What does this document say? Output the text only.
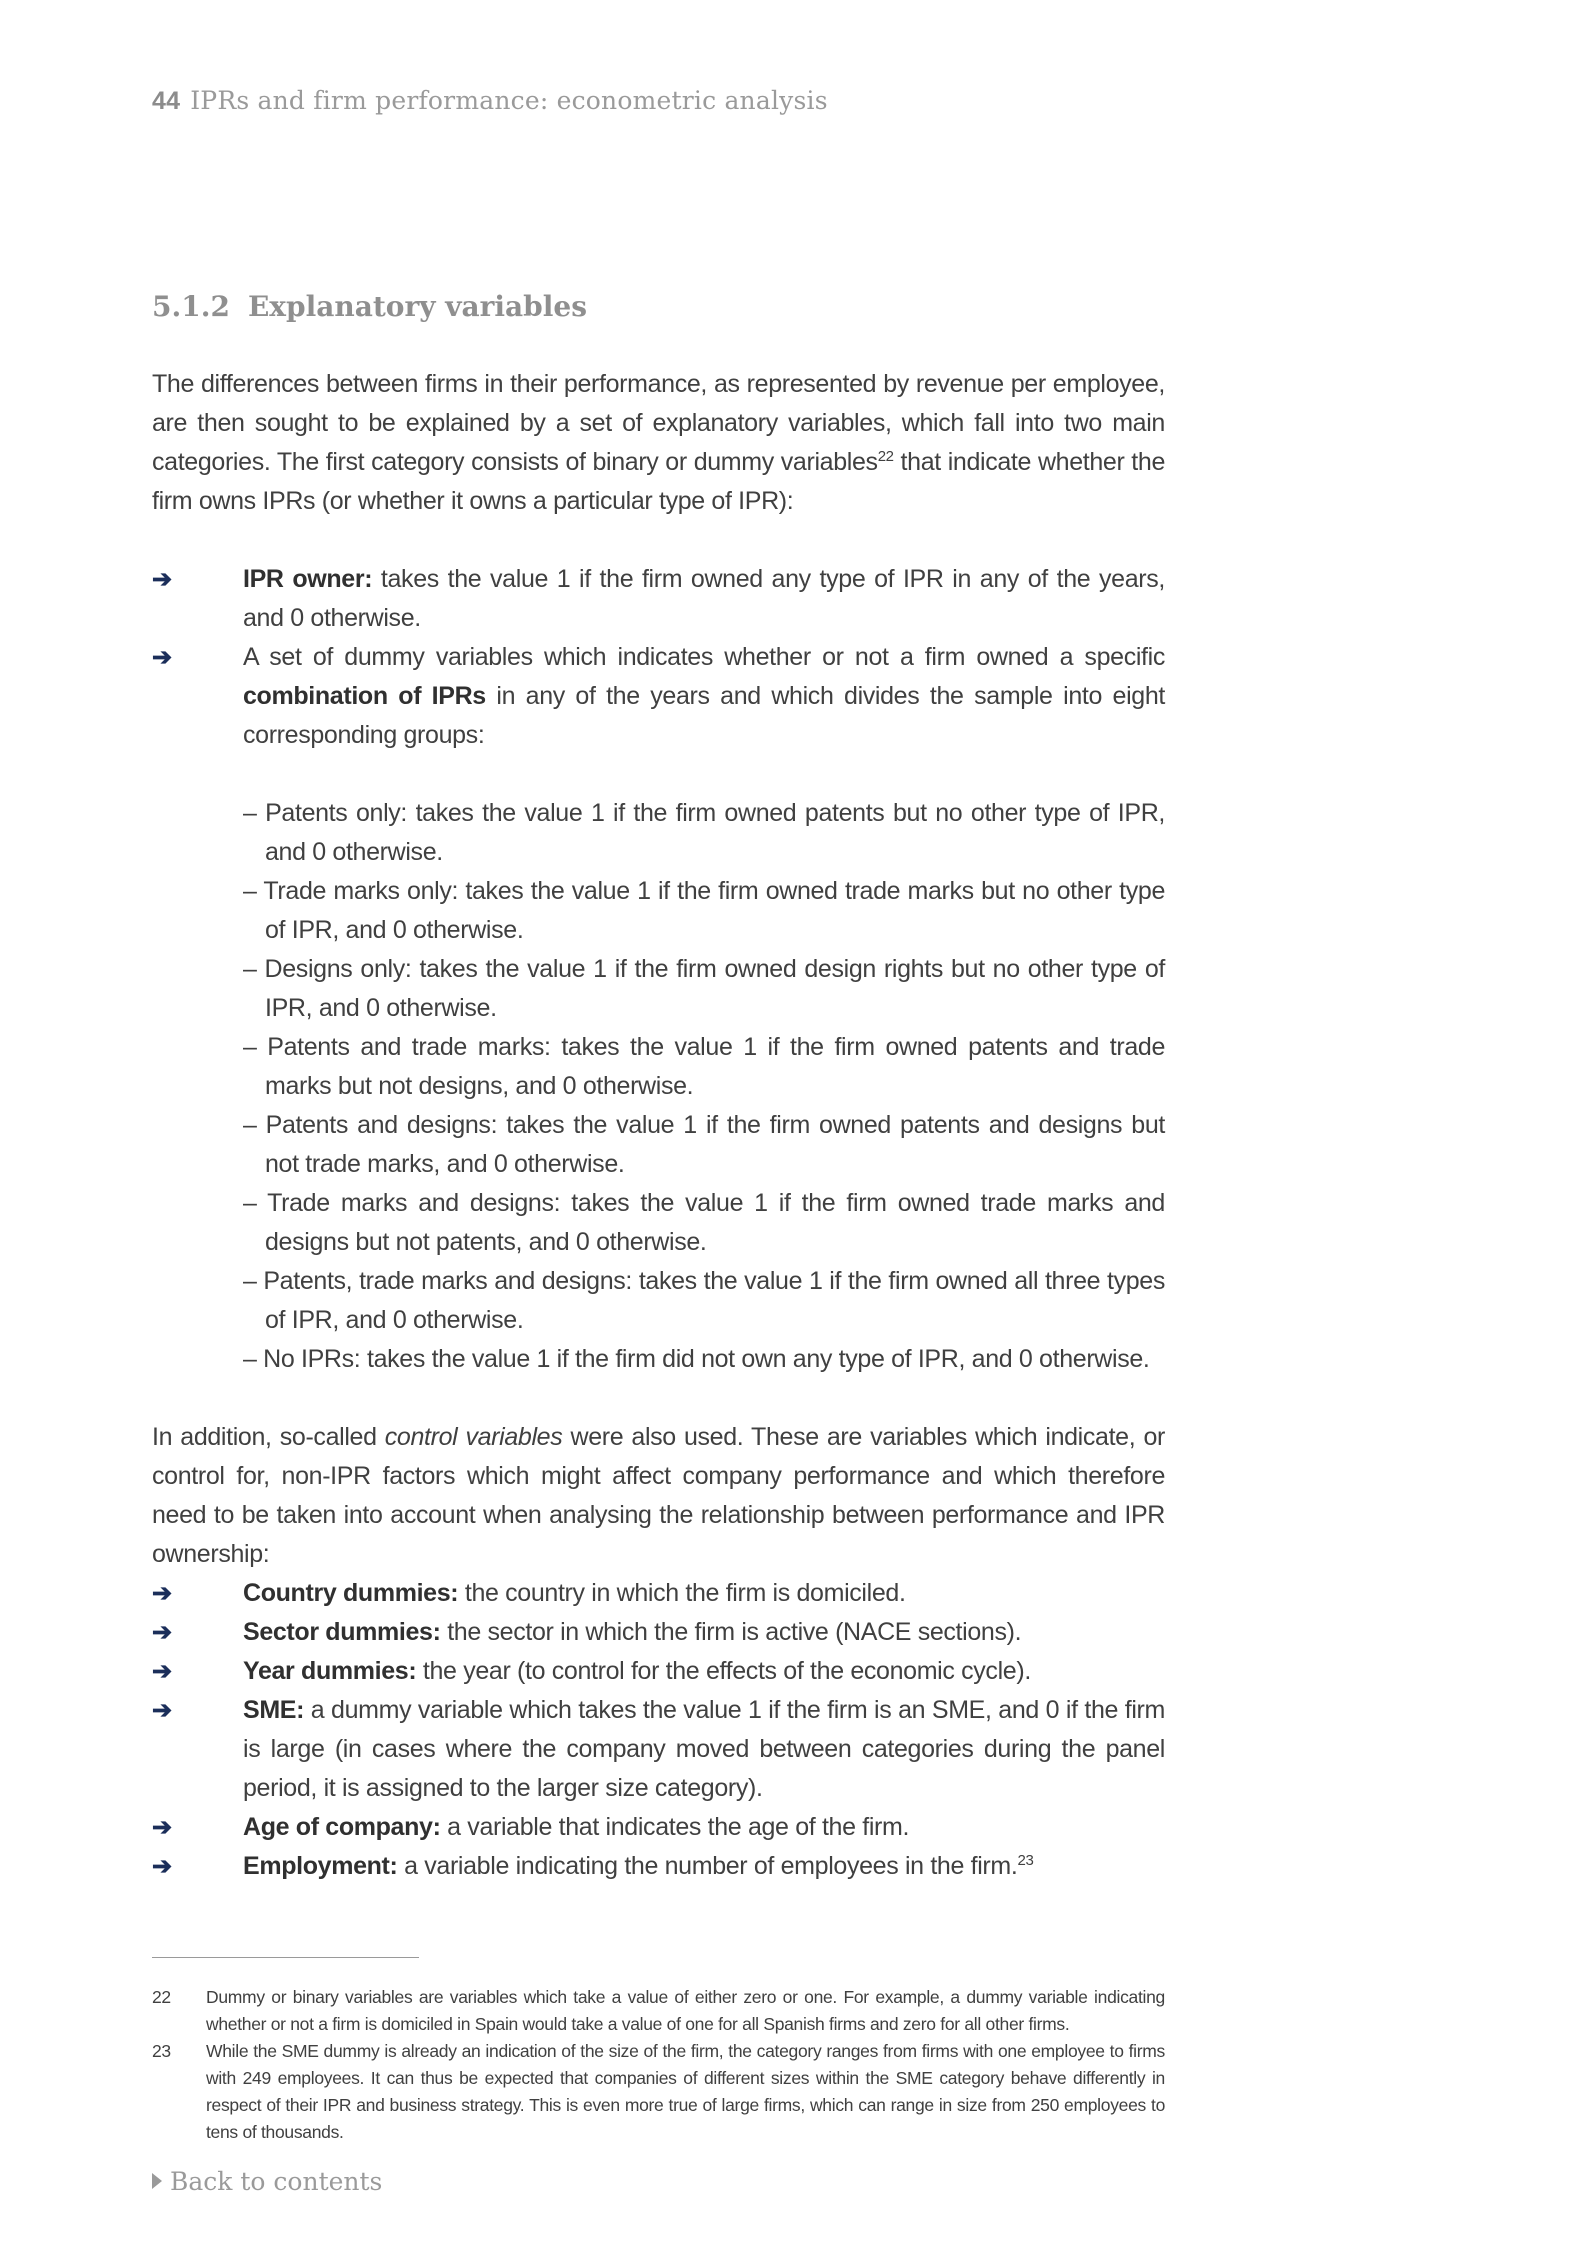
44 IPRs and firm performance: econometric analysis
5.1.2 Explanatory variables
The differences between firms in their performance, as represented by revenue per employee, are then sought to be explained by a set of explanatory variables, which fall into two main categories. The first category consists of binary or dummy variables$^{22}$ that indicate whether the firm owns IPRs (or whether it owns a particular type of IPR):
➔	IPR owner: takes the value 1 if the firm owned any type of IPR in any of the years, and 0 otherwise.
➔	A set of dummy variables which indicates whether or not a firm owned a specific combination of IPRs in any of the years and which divides the sample into eight corresponding groups:
– Patents only: takes the value 1 if the firm owned patents but no other type of IPR, and 0 otherwise.
– Trade marks only: takes the value 1 if the firm owned trade marks but no other type of IPR, and 0 otherwise.
– Designs only: takes the value 1 if the firm owned design rights but no other type of IPR, and 0 otherwise.
– Patents and trade marks: takes the value 1 if the firm owned patents and trade marks but not designs, and 0 otherwise.
– Patents and designs: takes the value 1 if the firm owned patents and designs but not trade marks, and 0 otherwise.
– Trade marks and designs: takes the value 1 if the firm owned trade marks and designs but not patents, and 0 otherwise.
– Patents, trade marks and designs: takes the value 1 if the firm owned all three types of IPR, and 0 otherwise.
– No IPRs: takes the value 1 if the firm did not own any type of IPR, and 0 otherwise.
In addition, so-called control variables were also used. These are variables which indicate, or control for, non-IPR factors which might affect company performance and which therefore need to be taken into account when analysing the relationship between performance and IPR ownership:
➔	Country dummies: the country in which the firm is domiciled.
➔	Sector dummies: the sector in which the firm is active (NACE sections).
➔	Year dummies: the year (to control for the effects of the economic cycle).
➔	SME: a dummy variable which takes the value 1 if the firm is an SME, and 0 if the firm is large (in cases where the company moved between categories during the panel period, it is assigned to the larger size category).
➔	Age of company: a variable that indicates the age of the firm.
➔	Employment: a variable indicating the number of employees in the firm.$^{23}$
22 Dummy or binary variables are variables which take a value of either zero or one. For example, a dummy variable indicating whether or not a firm is domiciled in Spain would take a value of one for all Spanish firms and zero for all other firms.
23 While the SME dummy is already an indication of the size of the firm, the category ranges from firms with one employee to firms with 249 employees. It can thus be expected that companies of different sizes within the SME category behave differently in respect of their IPR and business strategy. This is even more true of large firms, which can range in size from 250 employees to tens of thousands.
Back to contents
